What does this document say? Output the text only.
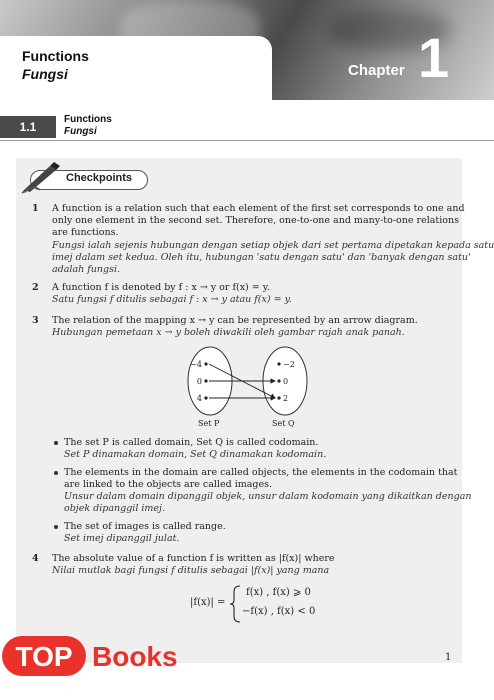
Functions
Fungsi	Chapter 1
1.1
Functions
Fungsi
Checkpoints
1 A function is a relation such that each element of the first set corresponds to one and
only one element in the second set. Therefore, one-to-one and many-to-one relations
are functions.
Fungsi ialah sejenis hubungan dengan setiap objek dari set pertama dipetakan kepada satu
imej dalam set kedua. Oleh itu, hubungan 'satu dengan satu' dan 'banyak dengan satu'
adalah fungsi.
2 A function f is denoted by f : x → y or f(x) = y.
Satu fungsi f ditulis sebagai f : x → y atau f(x) = y.
3 The relation of the mapping x → y can be represented by an arrow diagram.
Hubungan pemetaan x → y boleh diwakili oleh gambar rajah anak panah.
−4
0
4
−2
0
2
Set P	Set Q
The set P is called domain, Set Q is called codomain.
Set P dinamakan domain, Set Q dinamakan kodomain.
The elements in the domain are called objects, the elements in the codomain that
are linked to the objects are called images.
Unsur dalam domain dipanggil objek, unsur dalam kodomain yang dikaitkan dengan
objek dipanggil imej.
The set of images is called range.
Set imej dipanggil julat.
4 The absolute value of a function f is written as |f(x)| where
Nilai mutlak bagi fungsi f ditulis sebagai |f(x)| yang mana
|f(x)| =
f(x) , f(x) ⩾ 0
−f(x) , f(x) < 0
TOP Books	1
